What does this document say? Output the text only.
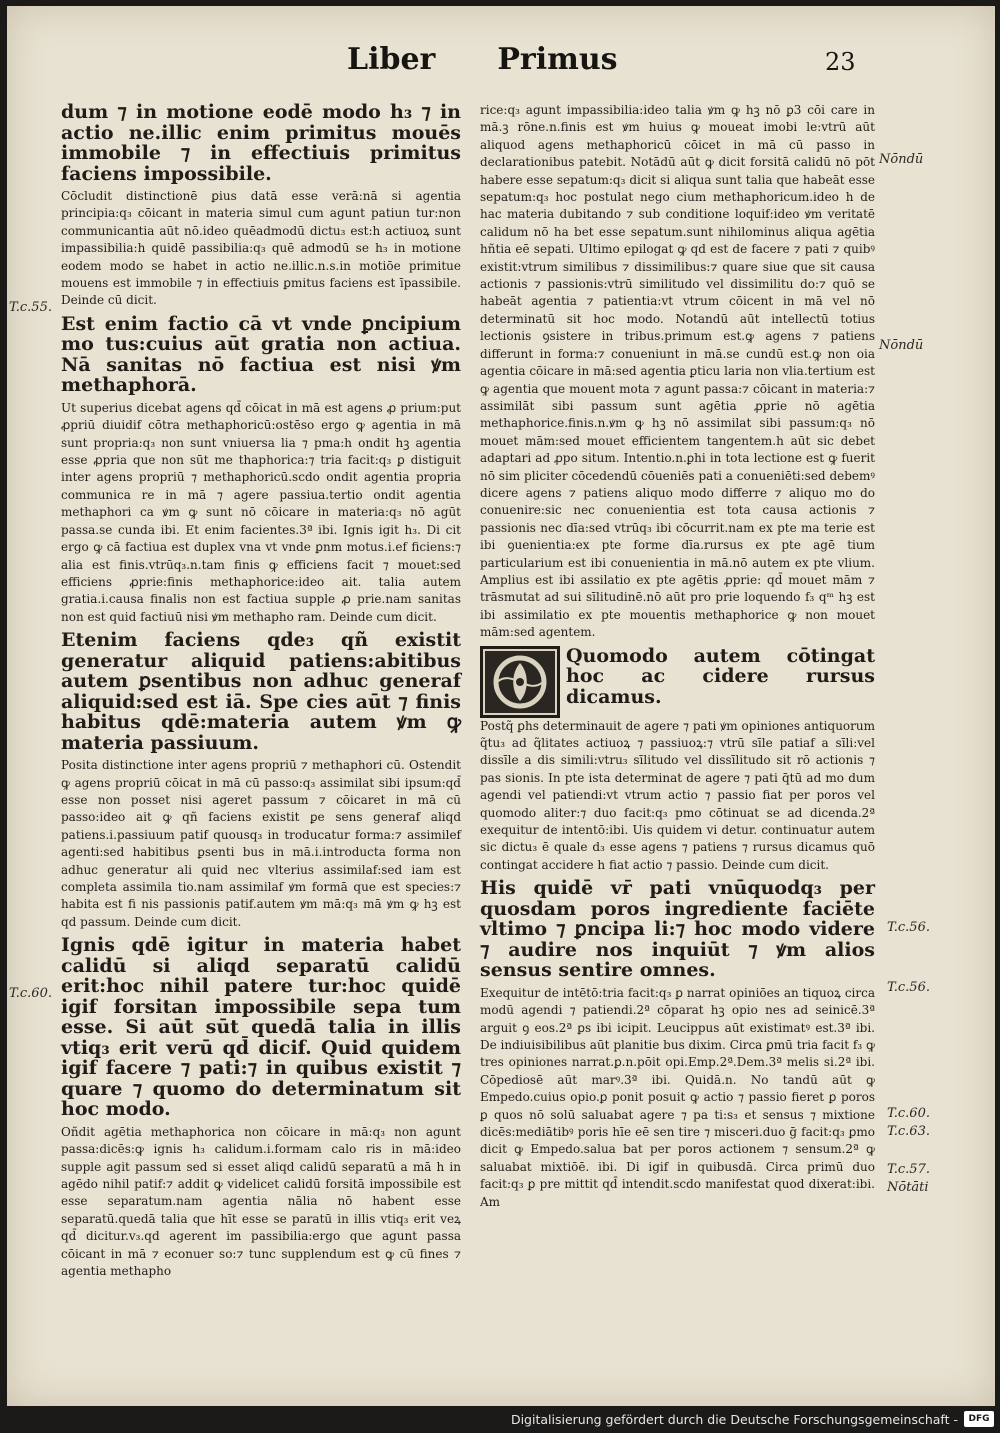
Liber Primus	23

dum ⁊ in motione eodē modo h₃ ⁊ in actio ne.illic enim primitus mouēs immobile ⁊ in effectiuis primitus faciens impossibile.

Cōcludit distinctionē ꝑius datā esse verā:nā si agentia principia:q₃ cōicant in materia simul cum agunt patiun tur:non communicantia aūt nō.ideo quēadmodū dictu₃ est:h actiuoꝝ sunt impassibilia:h quidē passibilia:q₃ quē admodū se h₃ in motione eodem modo se habet in actio ne.illic.n.s.in motiōe primitue mouens est immobile ⁊ in effectiuis ꝑmitus faciens est īpassibile. Deinde cū dicit.

Est enim factio cā vt vnde ꝑncipium mo tus:cuius aūt gratia non actiua. Nā sanitas nō factiua est nisi ꝟm methaphorā.

Ut superius dicebat agens qd̄ cōicat in mā est agens ꝓ prium:put ꝓpriū diuidif cōtra methaphoricū:ostēso ergo ꝙ agentia in mā sunt propria:q₃ non sunt vniuersa lia ⁊ pma:h ondit hꝫ agentia esse ꝓpria que non sūt me thaphorica:⁊ tria facit:q₃ ꝑ distiguit inter agens propriū ⁊ methaphoricū.scdo ondit agentia propria communica re in mā ⁊ agere passiua.tertio ondit agentia methaphori ca ꝟm ꝙ sunt nō cōicare in materia:q₃ nō agūt passa.se cunda ibi. Et enim facientes.3ª ibi. Ignis igit h₃. Di cit ergo ꝙ cā factiua est duplex vna vt vnde ꝑnm motus.i.ef ficiens:⁊ alia est finis.vtrūq₃.n.tam finis ꝙ efficiens facit ⁊ mouet:sed efficiens ꝓprie:finis methaphorice:ideo ait. talia autem gratia.i.causa finalis non est factiua supple ꝓ prie.nam sanitas non est quid factiuū nisi ꝟm methapho ram. Deinde cum dicit.

Etenim faciens qde₃ qñ existit generatur aliquid patiens:abitibus autem ꝑsentibus non adhuc generaf aliquid:sed est iā. Spe cies aūt ⁊ finis habitus qdē:materia autem ꝟm ꝙ materia passiuum.

Posita distinctione inter agens propriū ⁊ methaphori cū. Ostendit ꝙ agens propriū cōicat in mā cū passo:q₃ assimilat sibi ipsum:qd̄ esse non posset nisi ageret passum ⁊ cōicaret in mā cū passo:ideo ait ꝙ qñ faciens existit ꝑe sens generaf aliqd patiens.i.passiuum patif quousq₃ in troducatur forma:⁊ assimilef agenti:sed habitibus ꝑsenti bus in mā.i.introducta forma non adhuc generatur ali quid nec vlterius assimilaf:sed iam est completa assimila tio.nam assimilaf ꝟm formā que est species:⁊ habita est fi nis passionis patif.autem ꝟm mā:q₃ mā ꝟm ꝙ hꝫ est qd passum. Deinde cum dicit.

Ignis qdē igitur in materia habet calidū si aliqd separatū calidū erit:hoc nihil patere tur:hoc quidē igif forsitan impossibile sepa tum esse. Si aūt sūt quedā talia in illis vtiq₃ erit verū qd̄ dicif. Quid quidem igif facere ⁊ pati:⁊ in quibus existit ⁊ quare ⁊ quomo do determinatum sit hoc modo.

Oñdit agētia methaphorica non cōicare in mā:q₃ non agunt passa:dicēs:ꝙ ignis h₃ calidum.i.formam calo ris in mā:ideo supple agit passum sed si esset aliqd calidū separatū a mā h in agēdo nihil patif:⁊ addit ꝙ videlicet calidū forsitā impossibile est esse separatum.nam agentia nālia nō habent esse separatū.quedā talia que hīt esse se paratū in illis vtiq₃ erit veꝝ qd̄ dicitur.v₃.qd agerent im passibilia:ergo que agunt passa cōicant in mā ⁊ econuer so:⁊ tunc supplendum est ꝙ cū fines ⁊ agentia methapho

rice:q₃ agunt impassibilia:ideo talia ꝟm ꝙ hꝫ nō ꝑ3 cōi care in mā.ꝫ rōne.n.finis est ꝟm huius ꝙ moueat imobi le:vtrū aūt aliquod agens methaphoricū cōicet in mā cū passo in declarationibus patebit. Notādū aūt ꝙ dicit forsitā calidū nō pōt habere esse sepatum:q₃ dicit si aliqua sunt talia que habeāt esse sepatum:q₃ hoc postulat nego cium methaphoricum.ideo h de hac materia dubitando ⁊ sub conditione loquif:ideo ꝟm veritatē calidum nō ha bet esse sepatum.sunt nihilominus aliqua agētia hñtia eē sepati. Ultimo epilogat ꝙ qd est de facere ⁊ pati ⁊ quibꝰ existit:vtrum similibus ⁊ dissimilibus:⁊ quare siue que sit causa actionis ⁊ passionis:vtrū similitudo vel dissimilitu do:⁊ quō se habeāt agentia ⁊ patientia:vt vtrum cōicent in mā vel nō determinatū sit hoc modo. Notandū aūt intellectū totius lectionis ꝯsistere in tribus.primum est.ꝙ agens ⁊ patiens differunt in forma:⁊ conueniunt in mā.se cundū est.ꝙ non oia agentia cōicare in mā:sed agentia ꝑticu laria non vlia.tertium est ꝙ agentia que mouent mota ⁊ agunt passa:⁊ cōicant in materia:⁊ assimilāt sibi passum sunt agētia ꝓprie nō agētia methaphorice.finis.n.ꝟm ꝙ hꝫ nō assimilat sibi passum:q₃ nō mouet mām:sed mouet efficientem tangentem.h aūt sic debet adaptari ad ꝓpo situm. Intentio.n.ꝑhi in tota lectione est ꝙ fuerit nō sim pliciter cōcedendū cōueniēs pati a conueniēti:sed debemꝰ dicere agens ⁊ patiens aliquo modo differre ⁊ aliquo mo do conuenire:sic nec conuenientia est tota causa actionis ⁊ passionis nec dīa:sed vtrūq₃ ibi cōcurrit.nam ex pte ma terie est ibi ꝯuenientia:ex pte forme dīa.rursus ex pte agē tium particularium est ibi conuenientia in mā.nō autem ex pte vlium. Amplius est ibi assilatio ex pte agētis ꝓprie: qd̄ mouet mām ⁊ trāsmutat ad sui sīlitudinē.nō aūt pro prie loquendo f₃ qᵐ hꝫ est ibi assimilatio ex pte mouentis methaphorice ꝙ non mouet mām:sed agentem.

Quomodo autem cōtingat hoc ac cidere rursus dicamus.

Postq̃ ꝑhs determinauit de agere ⁊ pati ꝟm opiniones antiquorum q̃tu₃ ad q̃litates actiuoꝝ ⁊ passiuoꝝ:⁊ vtrū sīle patiaf a sīli:vel dissīle a dis simili:vtru₃ sīlitudo vel dissīlitudo sit rō actionis ⁊ pas sionis. In pte ista determinat de agere ⁊ pati q̄tū ad mo dum agendi vel patiendi:vt vtrum actio ⁊ passio fiat per poros vel quomodo aliter:⁊ duo facit:q₃ pmo cōtinuat se ad dicenda.2ª exequitur de intentō:ibi. Uis quidem vi detur. continuatur autem sic dictu₃ ē quale d₃ esse agens ⁊ patiens ⁊ rursus dicamus quō contingat accidere h fiat actio ⁊ passio. Deinde cum dicit.

His quidē vr̄ pati vnūquodq₃ per quosdam poros ingrediente faciēte vltimo ⁊ ꝑncipa li:⁊ hoc modo videre ⁊ audire nos inquiūt ⁊ ꝟm alios sensus sentire omnes.

Exequitur de intētō:tria facit:q₃ ꝑ narrat opiniōes an tiquoꝝ circa modū agendi ⁊ patiendi.2ª cōparat hꝫ opio nes ad seinicē.3ª arguit ꝯ eos.2ª ꝑs ibi icipit. Leucippus aūt existimatꝰ est.3ª ibi. De indiuisibilibus aūt planitie bus dixim. Circa ꝑmū tria facit f₃ ꝙ tres opiniones narrat.ꝑ.n.pōit opi.Emp.2ª.Dem.3ª melis si.2ª ibi. Cōpediosē aūt marꝰ.3ª ibi. Quidā.n. No tandū aūt ꝙ Empedo.cuius opio.ꝑ ponit posuit ꝙ actio ⁊ passio fieret ꝑ poros ꝑ quos nō solū saluabat agere ⁊ pa ti:s₃ et sensus ⁊ mixtione dicēs:mediātibꝰ poris hīe eē sen tire ⁊ misceri.duo ḡ facit:q₃ ꝑmo dicit ꝙ Empedo.salua bat per poros actionem ⁊ sensum.2ª ꝙ saluabat mixtiōē. ibi. Di igif in quibusdā. Circa primū duo facit:q₃ ꝑ pre mittit qd̄ intendit.scdo manifestat quod dixerat:ibi. Am

T.c.55.
T.c.60.
Nōndū
Nōndū
T.c.56.
T.c.56.
T.c.60.
T.c.63.
T.c.57.
Nōtāti
Digitalisierung gefördert durch die Deutsche Forschungsgemeinschaft -	DFG
